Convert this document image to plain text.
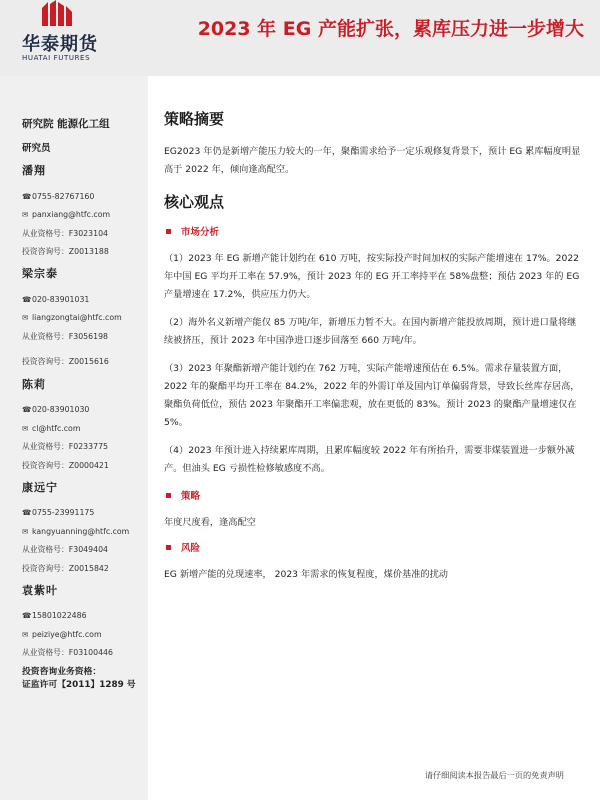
华泰期货
HUATAI FUTURES
2023 年 EG 产能扩张，累库压力进一步增大
研究院 能源化工组
研究员
潘翔
☎ 0755-82767160
✉ panxiang@htfc.com
从业资格号：F3023104
投资咨询号：Z0013188
梁宗泰
☎ 020-83901031
✉ liangzongtai@htfc.com
从业资格号：F3056198
投资咨询号：Z0015616
陈莉
☎ 020-83901030
✉ cl@htfc.com
从业资格号：F0233775
投资咨询号：Z0000421
康远宁
☎ 0755-23991175
✉ kangyuanning@htfc.com
从业资格号：F3049404
投资咨询号：Z0015842
袁紫叶
☎ 15801022486
✉ peiziye@htfc.com
从业资格号：F03100446
投资咨询业务资格：
证监许可【2011】1289 号
策略摘要
EG2023 年仍是新增产能压力较大的一年，聚酯需求给予一定乐观修复背景下，预计 EG 累库幅度明显高于 2022 年，倾向逢高配空。
核心观点
市场分析
（1）2023 年 EG 新增产能计划约在 610 万吨，按实际投产时间加权的实际产能增速在 17%。2022 年中国 EG 平均开工率在 57.9%，预计 2023 年的 EG 开工率持平在 58%盘整；预估 2023 年的 EG 产量增速在 17.2%，供应压力仍大。
（2）海外名义新增产能仅 85 万吨/年，新增压力暂不大。在国内新增产能投放周期，预计进口量将继续被挤压，预计 2023 年中国净进口逐步回落至 660 万吨/年。
（3）2023 年聚酯新增产能计划约在 762 万吨，实际产能增速预估在 6.5%。需求存量装置方面，2022 年的聚酯平均开工率在 84.2%，2022 年的外需订单及国内订单偏弱背景，导致长丝库存居高，聚酯负荷低位，预估 2023 年聚酯开工率偏悲观，放在更低的 83%。预计 2023 的聚酯产量增速仅在 5%。
（4）2023 年预计进入持续累库周期，且累库幅度较 2022 年有所抬升，需要非煤装置进一步额外减产。但油头 EG 亏损性检修敏感度不高。
策略
年度尺度看，逢高配空
风险
EG 新增产能的兑现速率， 2023 年需求的恢复程度，煤价基准的扰动
请仔细阅读本报告最后一页的免责声明
